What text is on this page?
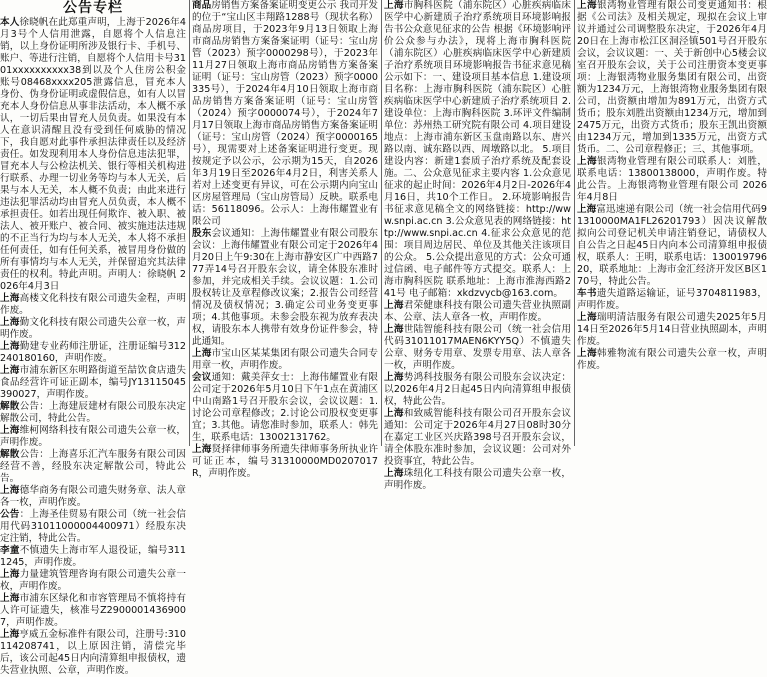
公告专栏

本人徐晓帆在此郑重声明，上海于2026年4月3号个人信用泄露，自愿将个人信息注销，以上身份证明所涉及银行卡、手机号、账户、等进行注销，自愿将个人信用卡号3101xxxxxxxxxx38到以及个人住房公积金账号08468xxxx205泄露信息，冒充本人身份、伪身份证明或虚假信息，如有人以冒充本人身份信息从事非法活动，本人概不承认，一切后果由冒充人员负责。如果没有本人在意识清醒且没有受到任何威胁的情况下，我自愿对此事件承担法律责任以及经济责任。如发现利用本人身份信息违法犯罪，冒充本人与公检法机关、银行等相关机构进行联系、办理一切业务等均与本人无关，后果与本人无关，本人概不负责；由此来进行违法犯罪活动均由冒充人员负责，本人概不承担责任。如若出现任何欺诈、被入职、被法人、被开账户、被合同、被实施违法违规的不正当行为均与本人无关，本人将不承担任何责任，如有任何关系，被冒用身份做的所有事情均与本人无关，并保留追究其法律责任的权利。特此声明。声明人：徐晓帆 2026年4月3日

上海高楼文化科技有限公司遗失金程，声明作废。

上海勤文化科技有限公司遗失公章一枚，声明作废。

上海勤建专业药师注册证，注册证编号312240180160，声明作废。

上海市浦东新区东明路街道至喆饮食店遗失食品经营许可证正副本，编号JY13115045390027，声明作废。

解散公告：上海建辰建材有限公司股东决定解散公司，特此公告。

上海维柯网络科技有限公司遗失公章一枚，声明作废。

解散公告：上海喜乐汇汽车服务有限公司因经营不善，经股东决定解散公司，特此公告。

上海德华商务有限公司遗失财务章、法人章各一枚，声明作废。

公告：上海圣佳贸易有限公司（统一社会信用代码31011000004400971）经股东决定注销，特此公告。

李童不慎遗失上海市军人退役证，编号3111245，声明作废。

上海力量建筑管理咨询有限公司遗失公章一枚，声明作废。

上海市浦东区绿化和市容管理局不慎将持有人许可证遗失，核准号Z29000014369007，声明作废。

上海亨威五金标准件有限公司，注册号:310114208741，以上原因注销，清偿完毕后，该公司起45日内向清算组申报债权，遗失营业执照、公章，声明作废。

商品房销售方案备案证明变更公示 我司开发的位于“宝山区丰翔路1288号（现状名称）商品房项目，于2023年9月13日领取上海市商品房销售方案备案证明（证号：宝山房管（2023）预字0000298号），于2023年11月27日领取上海市商品房销售方案备案证明（证号：宝山房管（2023）预字0000335号），于2024年4月10日领取上海市商品房销售方案备案证明（证号：宝山房管（2024）预字0000074号），于2024年7月17日领取上海市商品房销售方案备案证明（证号：宝山房管（2024）预字0000165号），现需要对上述备案证明进行变更。现按规定予以公示，公示期为15天，自2026年3月19日至2026年4月2日，利害关系人若对上述变更有异议，可在公示期内向宝山区房屋管理局（宝山房管局）反映。联系电话：56118096。公示人：上海伟耀置业有限公司

股东会议通知：上海伟耀置业有限公司股东会议：上海伟耀置业有限公司定于2026年4月20日上午9:30在上海市静安区广中西路777弄14号召开股东会议，请全体股东准时参加，并完成相关手续。会议议题：1.公司股权转让及章程修改议案；2.报告公司经营情况及债权情况；3.确定公司业务变更事项；4.其他事项。未参会股东视为放弃表决权，请股东本人携带有效身份证件参会，特此通知。

上海市宝山区某某集团有限公司遗失合同专用章一枚，声明作废。

会议通知：戴美萍女士：上海伟耀置业有限公司定于2026年5月10日下午1点在黄浦区中山南路1号召开股东会议，会议议题：1.讨论公司章程修改；2.讨论公司股权变更事宜；3.其他。请您准时参加，联系人：韩先生，联系电话：13002131762。

上海贤择律师事务所遗失律师事务所执业许可证正本，编号31310000MD0207017R，声明作废。

上海市胸科医院（浦东院区）心脏疾病临床医学中心新建质子治疗系统项目环境影响报告书公众意见征求的公告 根据《环境影响评价公众参与办法》，现将上海市胸科医院（浦东院区）心脏疾病临床医学中心新建质子治疗系统项目环境影响报告书征求意见稿公示如下：一、建设项目基本信息 1.建设项目名称：上海市胸科医院（浦东院区）心脏疾病临床医学中心新建质子治疗系统项目 2.建设单位：上海市胸科医院 3.环评文件编制单位：苏州热工研究院有限公司 4.项目建设地点：上海市浦东新区玉盘南路以东、唐兴路以南、诚东路以西、周墩路以北。 5.项目建设内容：新建1套质子治疗系统及配套设施。二、公众意见征求主要内容 1.公众意见征求的起止时间：2026年4月2日-2026年4月16日，共10个工作日。 2.环境影响报告书征求意见稿全文的网络链接：http://www.snpi.ac.cn 3.公众意见表的网络链接：http://www.snpi.ac.cn 4.征求公众意见的范围：项目周边居民、单位及其他关注该项目的公众。 5.公众提出意见的方式：公众可通过信函、电子邮件等方式提交。联系人：上海市胸科医院 联系地址：上海市淮海西路241号 电子邮箱：xkdzvycb@163.com。

上海君荣健康科技有限公司遗失营业执照副本、公章、法人章各一枚，声明作废。

上海世陆智能科技有限公司（统一社会信用代码31011017MAEN6KYY5Q）不慎遗失公章、财务专用章、发票专用章、法人章各一枚，声明作废。

上海势鸿科技服务有限公司股东会议决定：以2026年4月2日起45日内向清算组申报债权，特此公告。

上海和致威智能科技有限公司召开股东会议通知：公司定于2026年4月27日08时30分在嘉定工业区兴庆路398号召开股东会议，请全体股东准时参加，会议议题：公司对外投资事宜，特此公告。

上海珠纽化工科技有限公司遗失公章一枚，声明作废。

上海银湾物业管理有限公司变更通知书：根据《公司法》及相关规定，现拟在会议上审议并通过公司调整股东决定，于2026年4月20日在上海市松江区洞泾镇501号召开股东会议，会议议题：一、关于新创中心5楼会议室召开股东会议，关于公司注册资本变更事项：上海银湾物业服务集团有限公司，出资额为1234万元，上海银湾物业服务集团有限公司，出资额由增加为891万元，出资方式货币；股东刘胜出资额由1234万元，增加到2475万元，出资方式货币；股东王凯出资额由1234万元，增加到1335万元，出资方式货币。二、公司章程修正；三、其他事项。

上海银湾物业管理有限公司联系人：刘胜，联系电话：13800138000，声明作废。特此公告。上海银湾物业管理有限公司 2026年4月8日

上海富迅速递有限公司（统一社会信用代码91310000MA1FL26201793）因决议解散拟向公司登记机关申请注销登记，请债权人自公告之日起45日内向本公司清算组申报债权，联系人：王明，联系电话：13001979620，联系地址：上海市金汇经济开发区B区170号，特此公告。

车书遗失道路运输证，证号3704811983，声明作废。

上海瑞明清洁服务有限公司遗失2025年5月14日至2026年5月14日营业执照副本，声明作废。

上海韩雅物流有限公司遗失公章一枚，声明作废。
